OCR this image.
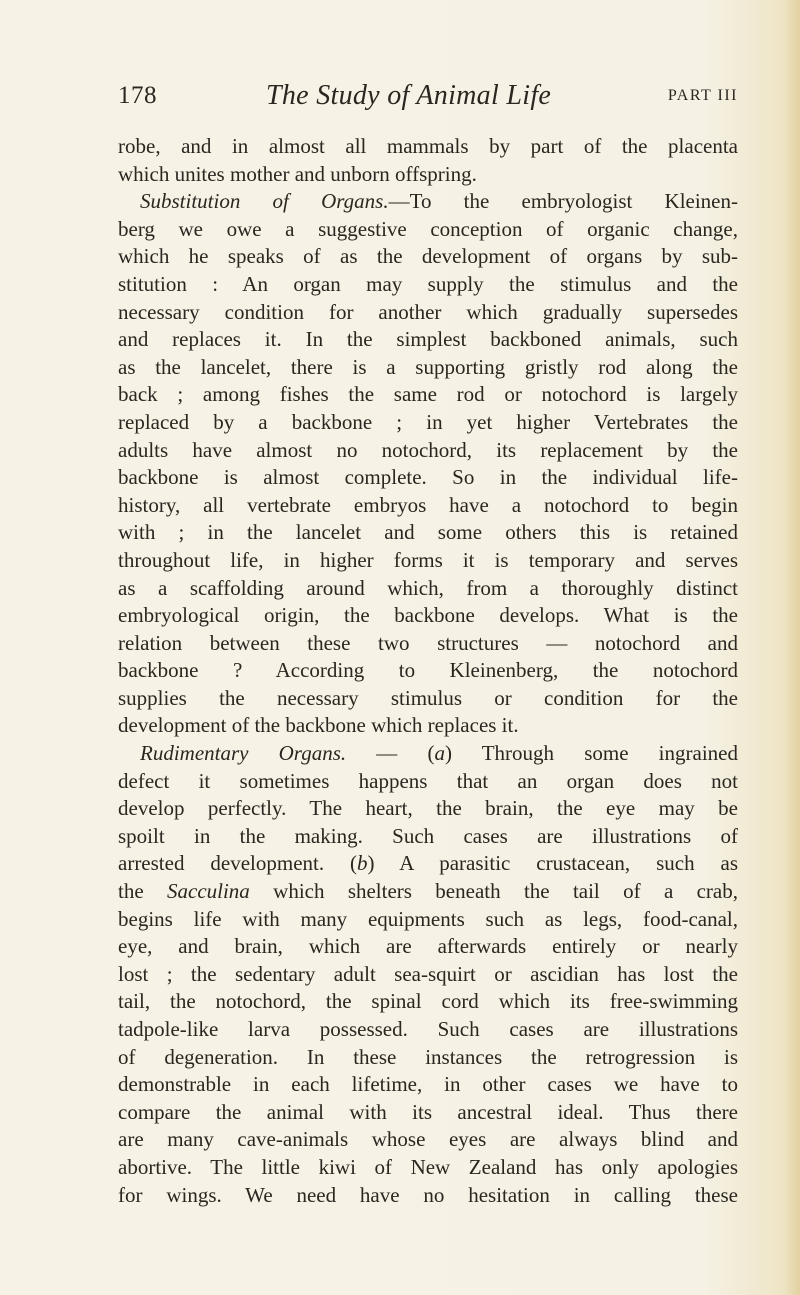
178	The Study of Animal Life	PART III
robe, and in almost all mammals by part of the placenta
which unites mother and unborn offspring.
Substitution of Organs.—To the embryologist Kleinen-
berg we owe a suggestive conception of organic change,
which he speaks of as the development of organs by sub-
stitution : An organ may supply the stimulus and the
necessary condition for another which gradually supersedes
and replaces it. In the simplest backboned animals, such
as the lancelet, there is a supporting gristly rod along the
back ; among fishes the same rod or notochord is largely
replaced by a backbone ; in yet higher Vertebrates the
adults have almost no notochord, its replacement by the
backbone is almost complete. So in the individual life-
history, all vertebrate embryos have a notochord to begin
with ; in the lancelet and some others this is retained
throughout life, in higher forms it is temporary and serves
as a scaffolding around which, from a thoroughly distinct
embryological origin, the backbone develops. What is the
relation between these two structures — notochord and
backbone ? According to Kleinenberg, the notochord
supplies the necessary stimulus or condition for the
development of the backbone which replaces it.
Rudimentary Organs. — (a) Through some ingrained
defect it sometimes happens that an organ does not
develop perfectly. The heart, the brain, the eye may be
spoilt in the making. Such cases are illustrations of
arrested development. (b) A parasitic crustacean, such as
the Sacculina which shelters beneath the tail of a crab,
begins life with many equipments such as legs, food-canal,
eye, and brain, which are afterwards entirely or nearly
lost ; the sedentary adult sea-squirt or ascidian has lost the
tail, the notochord, the spinal cord which its free-swimming
tadpole-like larva possessed. Such cases are illustrations
of degeneration. In these instances the retrogression is
demonstrable in each lifetime, in other cases we have to
compare the animal with its ancestral ideal. Thus there
are many cave-animals whose eyes are always blind and
abortive. The little kiwi of New Zealand has only apologies
for wings. We need have no hesitation in calling these
